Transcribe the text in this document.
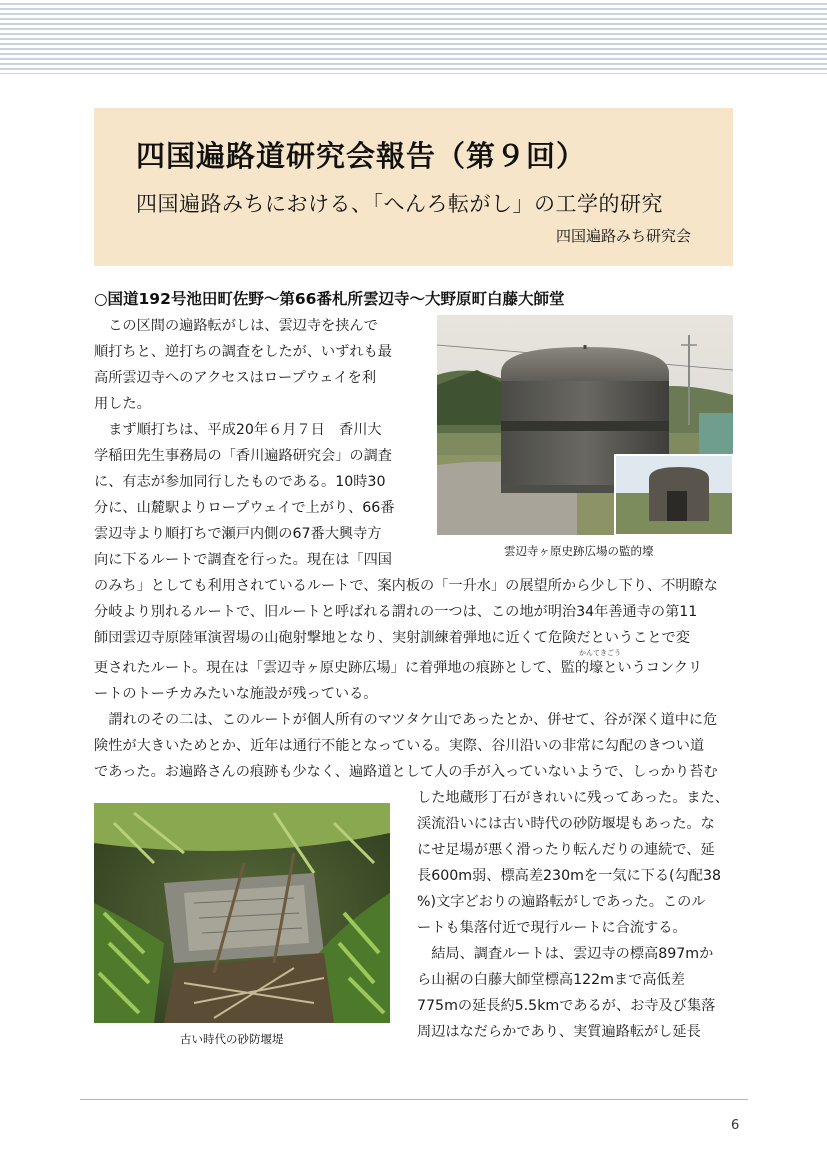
四国遍路道研究会報告（第９回）
四国遍路みちにおける、「へんろ転がし」の工学的研究
四国遍路みち研究会
○国道192号池田町佐野～第66番札所雲辺寺～大野原町白藤大師堂
　この区間の遍路転がしは、雲辺寺を挟んで
順打ちと、逆打ちの調査をしたが、いずれも最
高所雲辺寺へのアクセスはロープウェイを利
用した。
　まず順打ちは、平成20年６月７日　香川大
学稲田先生事務局の「香川遍路研究会」の調査
に、有志が参加同行したものである。10時30
分に、山麓駅よりロープウェイで上がり、66番
雲辺寺より順打ちで瀬戸内側の67番大興寺方
向に下るルートで調査を行った。現在は「四国
のみち」としても利用されているルートで、案内板の「一升水」の展望所から少し下り、不明瞭な
分岐より別れるルートで、旧ルートと呼ばれる謂れの一つは、この地が明治34年善通寺の第11
師団雲辺寺原陸軍演習場の山砲射撃地となり、実射訓練着弾地に近くて危険だということで変
更されたルート。現在は「雲辺寺ヶ原史跡広場」に着弾地の痕跡として、監的壕というコンクリ
かんてきごう
ートのトーチカみたいな施設が残っている。
　謂れのその二は、このルートが個人所有のマツタケ山であったとか、併せて、谷が深く道中に危
険性が大きいためとか、近年は通行不能となっている。実際、谷川沿いの非常に勾配のきつい道
であった。お遍路さんの痕跡も少なく、遍路道として人の手が入っていないようで、しっかり苔む
した地蔵形丁石がきれいに残ってあった。また、
渓流沿いには古い時代の砂防堰堤もあった。な
にせ足場が悪く滑ったり転んだりの連続で、延
長600m弱、標高差230mを一気に下る(勾配38
%)文字どおりの遍路転がしであった。このル
ートも集落付近で現行ルートに合流する。
　結局、調査ルートは、雲辺寺の標高897mか
ら山裾の白藤大師堂標高122mまで高低差
775mの延長約5.5kmであるが、お寺及び集落
周辺はなだらかであり、実質遍路転がし延長
雲辺寺ヶ原史跡広場の監的壕
古い時代の砂防堰堤
6
